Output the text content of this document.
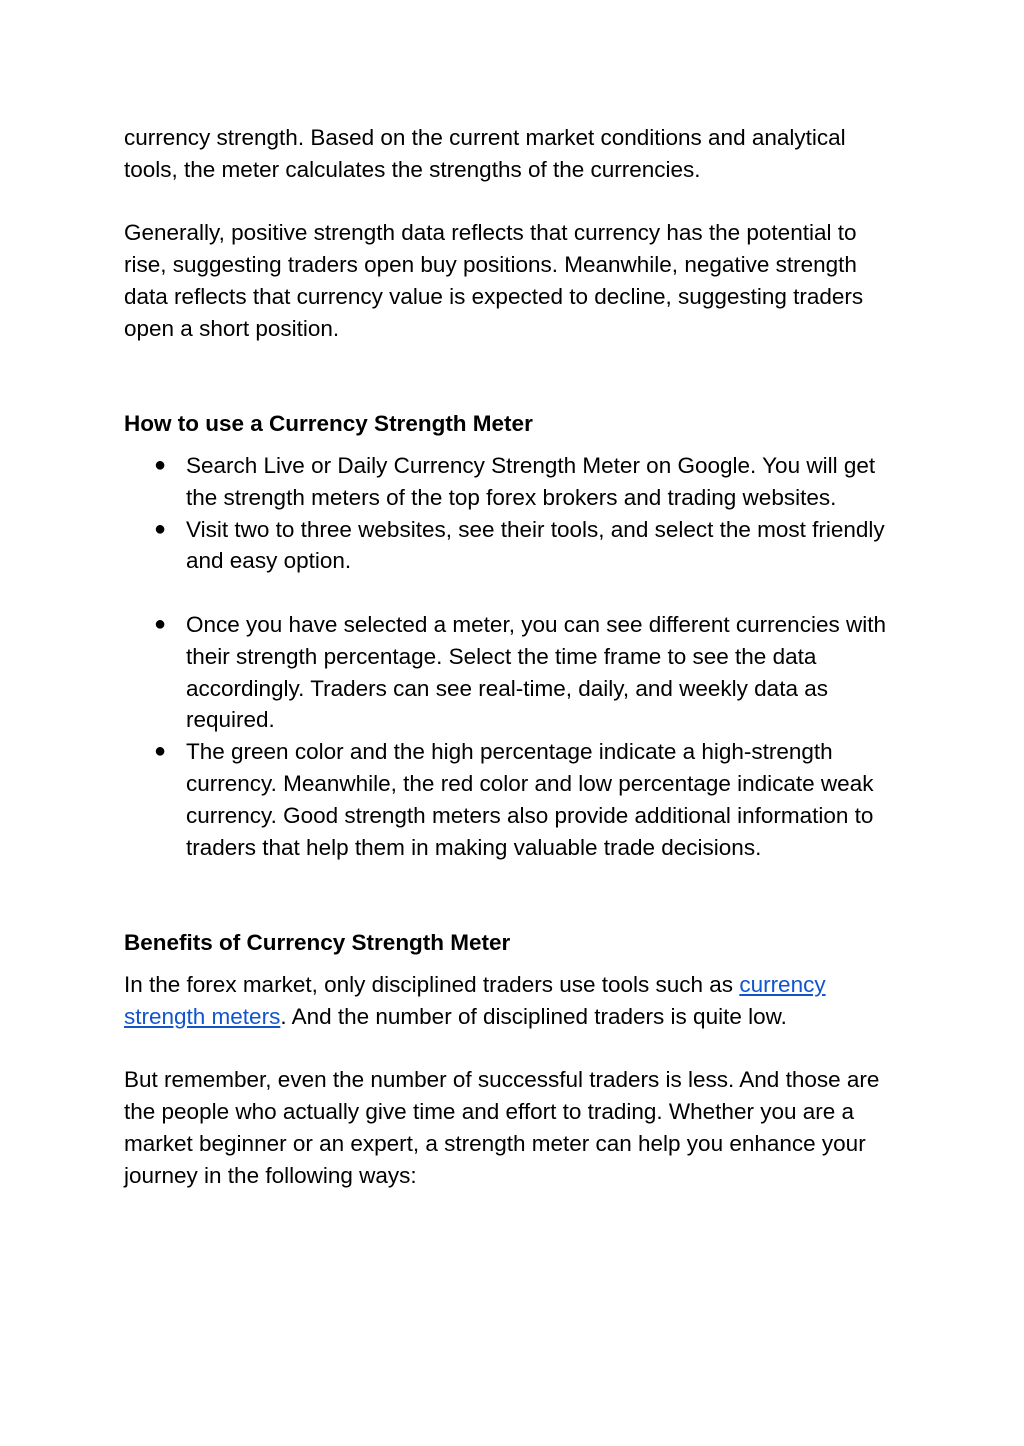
currency strength. Based on the current market conditions and analytical tools, the meter calculates the strengths of the currencies.

Generally, positive strength data reflects that currency has the potential to rise, suggesting traders open buy positions. Meanwhile, negative strength data reflects that currency value is expected to decline, suggesting traders open a short position.

How to use a Currency Strength Meter
● Search Live or Daily Currency Strength Meter on Google. You will get the strength meters of the top forex brokers and trading websites.
● Visit two to three websites, see their tools, and select the most friendly and easy option.
● Once you have selected a meter, you can see different currencies with their strength percentage. Select the time frame to see the data accordingly. Traders can see real-time, daily, and weekly data as required.
● The green color and the high percentage indicate a high-strength currency. Meanwhile, the red color and low percentage indicate weak currency. Good strength meters also provide additional information to traders that help them in making valuable trade decisions.
Benefits of Currency Strength Meter

In the forex market, only disciplined traders use tools such as currency strength meters. And the number of disciplined traders is quite low.

But remember, even the number of successful traders is less. And those are the people who actually give time and effort to trading. Whether you are a market beginner or an expert, a strength meter can help you enhance your journey in the following ways:
